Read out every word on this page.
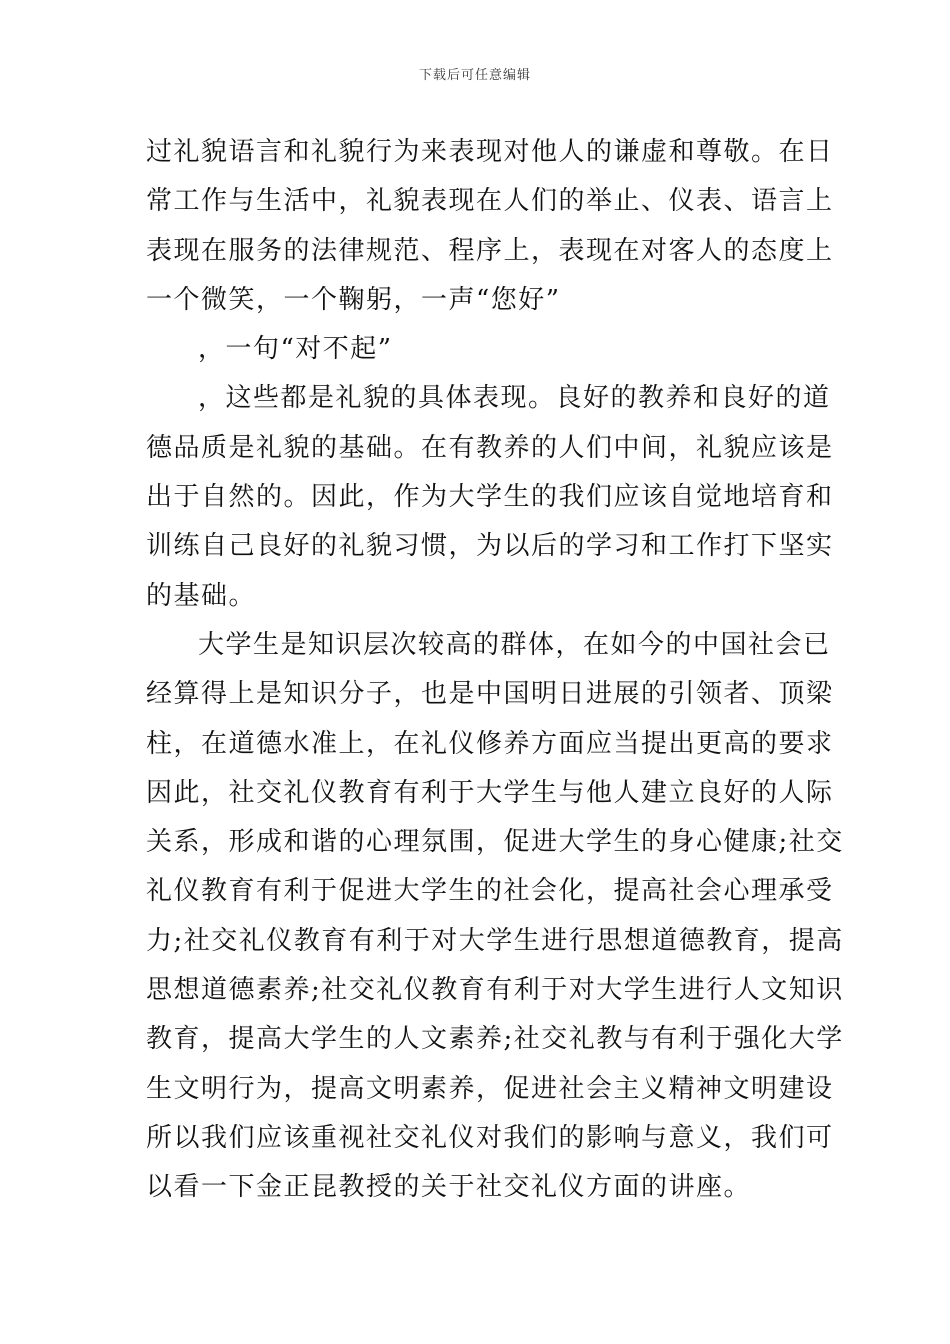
下载后可任意编辑
过礼貌语言和礼貌行为来表现对他人的谦虚和尊敬。在日
常工作与生活中，礼貌表现在人们的举止、仪表、语言上
表现在服务的法律规范、程序上，表现在对客人的态度上
一个微笑，一个鞠躬，一声“您好”
，一句“对不起”
，这些都是礼貌的具体表现。良好的教养和良好的道
德品质是礼貌的基础。在有教养的人们中间，礼貌应该是
出于自然的。因此，作为大学生的我们应该自觉地培育和
训练自己良好的礼貌习惯，为以后的学习和工作打下坚实
的基础。
大学生是知识层次较高的群体，在如今的中国社会已
经算得上是知识分子，也是中国明日进展的引领者、顶梁
柱，在道德水准上，在礼仪修养方面应当提出更高的要求
因此，社交礼仪教育有利于大学生与他人建立良好的人际
关系，形成和谐的心理氛围，促进大学生的身心健康;社交
礼仪教育有利于促进大学生的社会化，提高社会心理承受
力;社交礼仪教育有利于对大学生进行思想道德教育，提高
思想道德素养;社交礼仪教育有利于对大学生进行人文知识
教育，提高大学生的人文素养;社交礼教与有利于强化大学
生文明行为，提高文明素养，促进社会主义精神文明建设
所以我们应该重视社交礼仪对我们的影响与意义，我们可
以看一下金正昆教授的关于社交礼仪方面的讲座。
